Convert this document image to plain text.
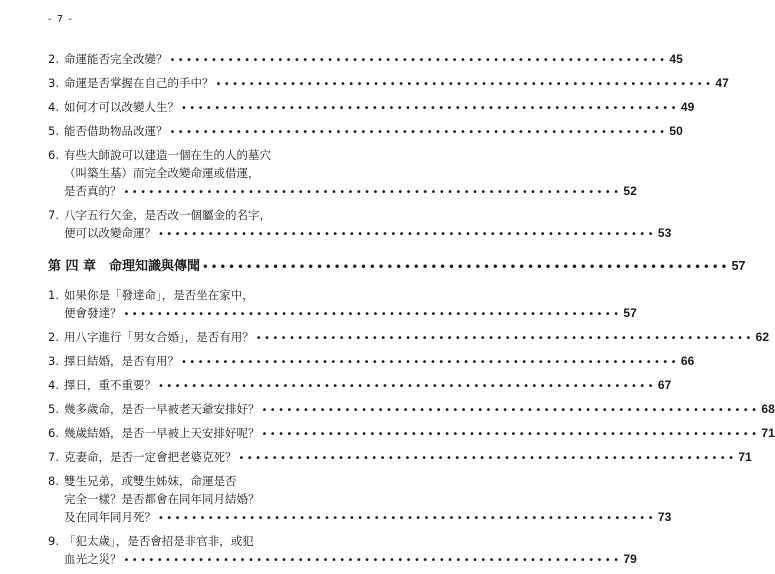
- 7 -
2. 命運能否完全改變？ •••••••••••••••••••••••••••••••••••••••••••••••••••••••••••• 45
3. 命運是否掌握在自己的手中？ •••••••••••••••••••••••••••••••••••••••••••••••••••••••••••• 47
4. 如何才可以改變人生？ •••••••••••••••••••••••••••••••••••••••••••••••••••••••••••• 49
5. 能否借助物品改運？ •••••••••••••••••••••••••••••••••••••••••••••••••••••••••••• 50
6. 有些大師說可以建造一個在生的人的墓穴
（叫築生基）而完全改變命運或借運，
是否真的？ •••••••••••••••••••••••••••••••••••••••••••••••••••••••••••• 52
7. 八字五行欠金，是否改一個屬金的名字，
便可以改變命運？ •••••••••••••••••••••••••••••••••••••••••••••••••••••••••••• 53
第 四 章　命理知識與傳聞 •••••••••••••••••••••••••••••••••••••••••••••••••••••••••••• 57
1. 如果你是「發達命」，是否坐在家中，
便會發達？ •••••••••••••••••••••••••••••••••••••••••••••••••••••••••••• 57
2. 用八字進行「男女合婚」，是否有用？ •••••••••••••••••••••••••••••••••••••••••••••••••••••••••••• 62
3. 擇日結婚，是否有用？ •••••••••••••••••••••••••••••••••••••••••••••••••••••••••••• 66
4. 擇日，重不重要？ •••••••••••••••••••••••••••••••••••••••••••••••••••••••••••• 67
5. 幾多歲命，是否一早被老天爺安排好？ •••••••••••••••••••••••••••••••••••••••••••••••••••••••••••• 68
6. 幾歲結婚，是否一早被上天安排好呢？ •••••••••••••••••••••••••••••••••••••••••••••••••••••••••••• 71
7. 克妻命，是否一定會把老婆克死？ •••••••••••••••••••••••••••••••••••••••••••••••••••••••••••• 71
8. 雙生兄弟，或雙生姊妹，命運是否
完全一樣？是否都會在同年同月結婚？
及在同年同月死？ •••••••••••••••••••••••••••••••••••••••••••••••••••••••••••• 73
9. 「犯太歲」，是否會招是非官非，或犯
血光之災？ •••••••••••••••••••••••••••••••••••••••••••••••••••••••••••• 79
